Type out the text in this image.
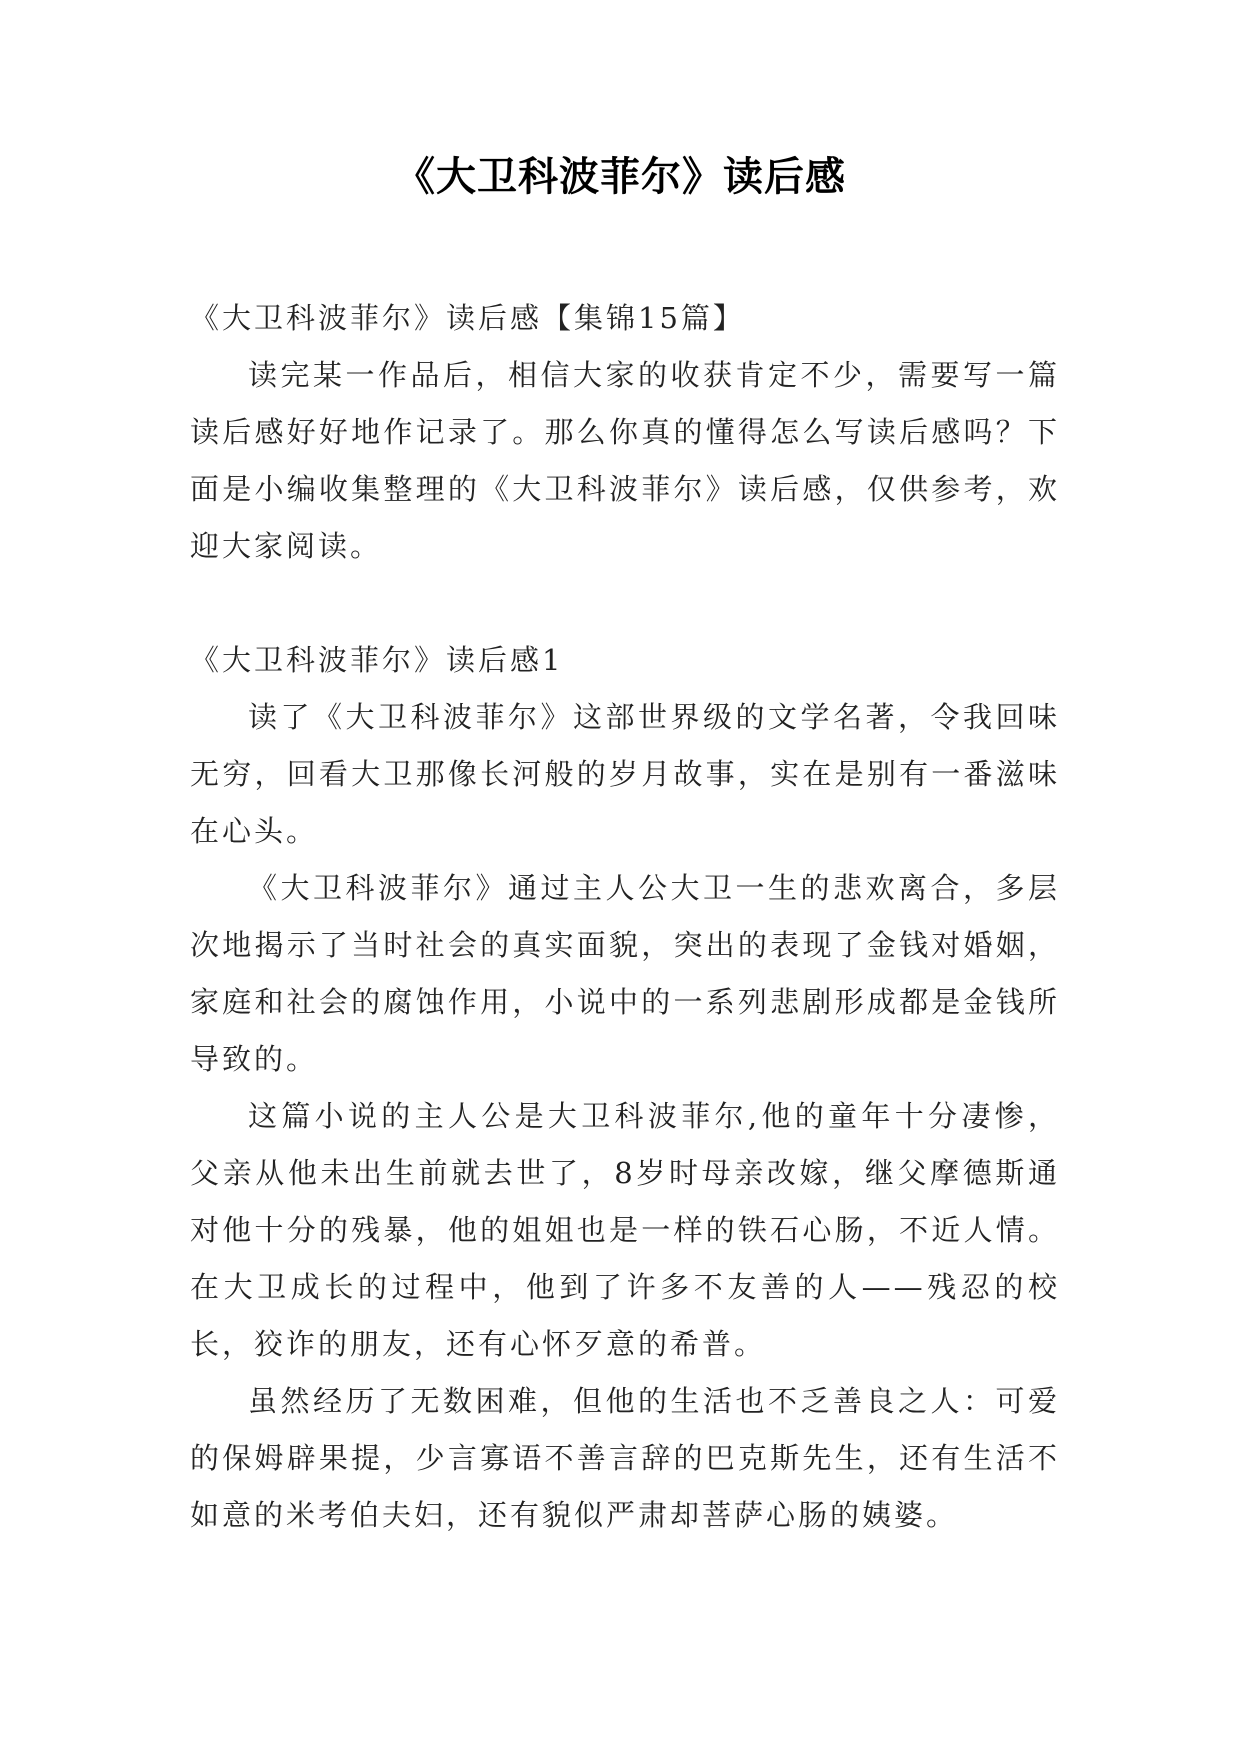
《大卫科波菲尔》读后感

《大卫科波菲尔》读后感【集锦15篇】

读完某一作品后，相信大家的收获肯定不少，需要写一篇读后感好好地作记录了。那么你真的懂得怎么写读后感吗？下面是小编收集整理的《大卫科波菲尔》读后感，仅供参考，欢迎大家阅读。

《大卫科波菲尔》读后感1

读了《大卫科波菲尔》这部世界级的文学名著，令我回味无穷，回看大卫那像长河般的岁月故事，实在是别有一番滋味在心头。

《大卫科波菲尔》通过主人公大卫一生的悲欢离合，多层次地揭示了当时社会的真实面貌，突出的表现了金钱对婚姻，家庭和社会的腐蚀作用，小说中的一系列悲剧形成都是金钱所导致的。

这篇小说的主人公是大卫科波菲尔,他的童年十分凄惨，父亲从他未出生前就去世了，8岁时母亲改嫁，继父摩德斯通对他十分的残暴，他的姐姐也是一样的铁石心肠，不近人情。在大卫成长的过程中，他到了许多不友善的人——残忍的校长，狡诈的朋友，还有心怀歹意的希普。

虽然经历了无数困难，但他的生活也不乏善良之人：可爱的保姆辟果提，少言寡语不善言辞的巴克斯先生，还有生活不如意的米考伯夫妇，还有貌似严肃却菩萨心肠的姨婆。
